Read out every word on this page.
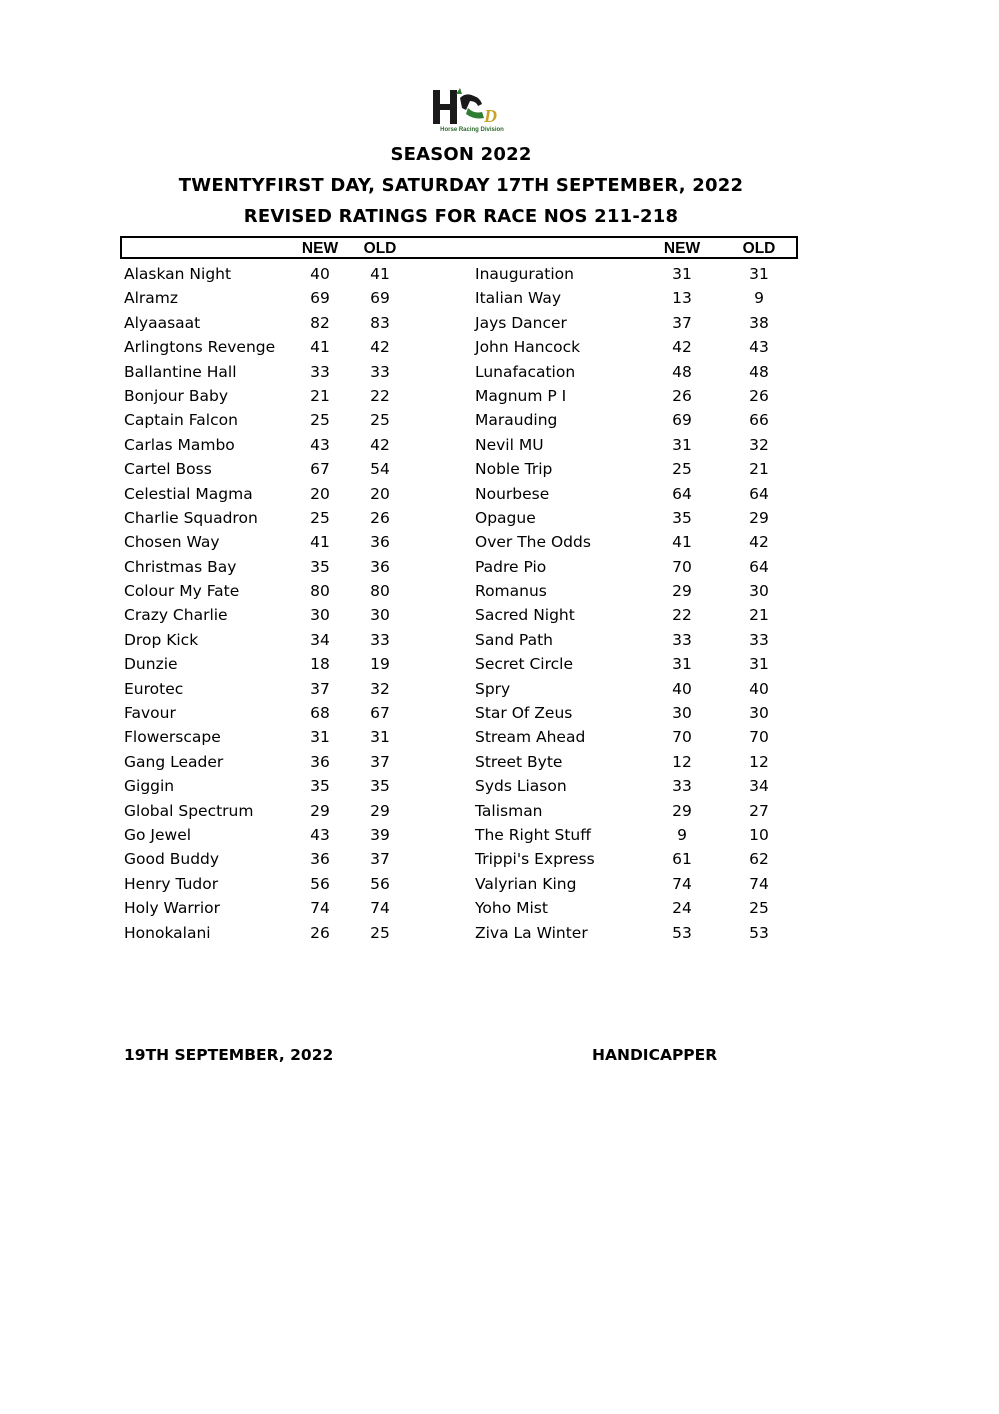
D
Horse Racing Division
SEASON 2022
TWENTYFIRST DAY, SATURDAY 17TH SEPTEMBER, 2022
REVISED RATINGS FOR RACE NOS 211-218
NEW	OLD	NEW	OLD
Alaskan Night	40	41	Inauguration	31	31
Alramz	69	69	Italian Way	13	9
Alyaasaat	82	83	Jays Dancer	37	38
Arlingtons Revenge	41	42	John Hancock	42	43
Ballantine Hall	33	33	Lunafacation	48	48
Bonjour Baby	21	22	Magnum P I	26	26
Captain Falcon	25	25	Marauding	69	66
Carlas Mambo	43	42	Nevil MU	31	32
Cartel Boss	67	54	Noble Trip	25	21
Celestial Magma	20	20	Nourbese	64	64
Charlie Squadron	25	26	Opague	35	29
Chosen Way	41	36	Over The Odds	41	42
Christmas Bay	35	36	Padre Pio	70	64
Colour My Fate	80	80	Romanus	29	30
Crazy Charlie	30	30	Sacred Night	22	21
Drop Kick	34	33	Sand Path	33	33
Dunzie	18	19	Secret Circle	31	31
Eurotec	37	32	Spry	40	40
Favour	68	67	Star Of Zeus	30	30
Flowerscape	31	31	Stream Ahead	70	70
Gang Leader	36	37	Street Byte	12	12
Giggin	35	35	Syds Liason	33	34
Global Spectrum	29	29	Talisman	29	27
Go Jewel	43	39	The Right Stuff	9	10
Good Buddy	36	37	Trippi's Express	61	62
Henry Tudor	56	56	Valyrian King	74	74
Holy Warrior	74	74	Yoho Mist	24	25
Honokalani	26	25	Ziva La Winter	53	53
19TH SEPTEMBER, 2022	HANDICAPPER
